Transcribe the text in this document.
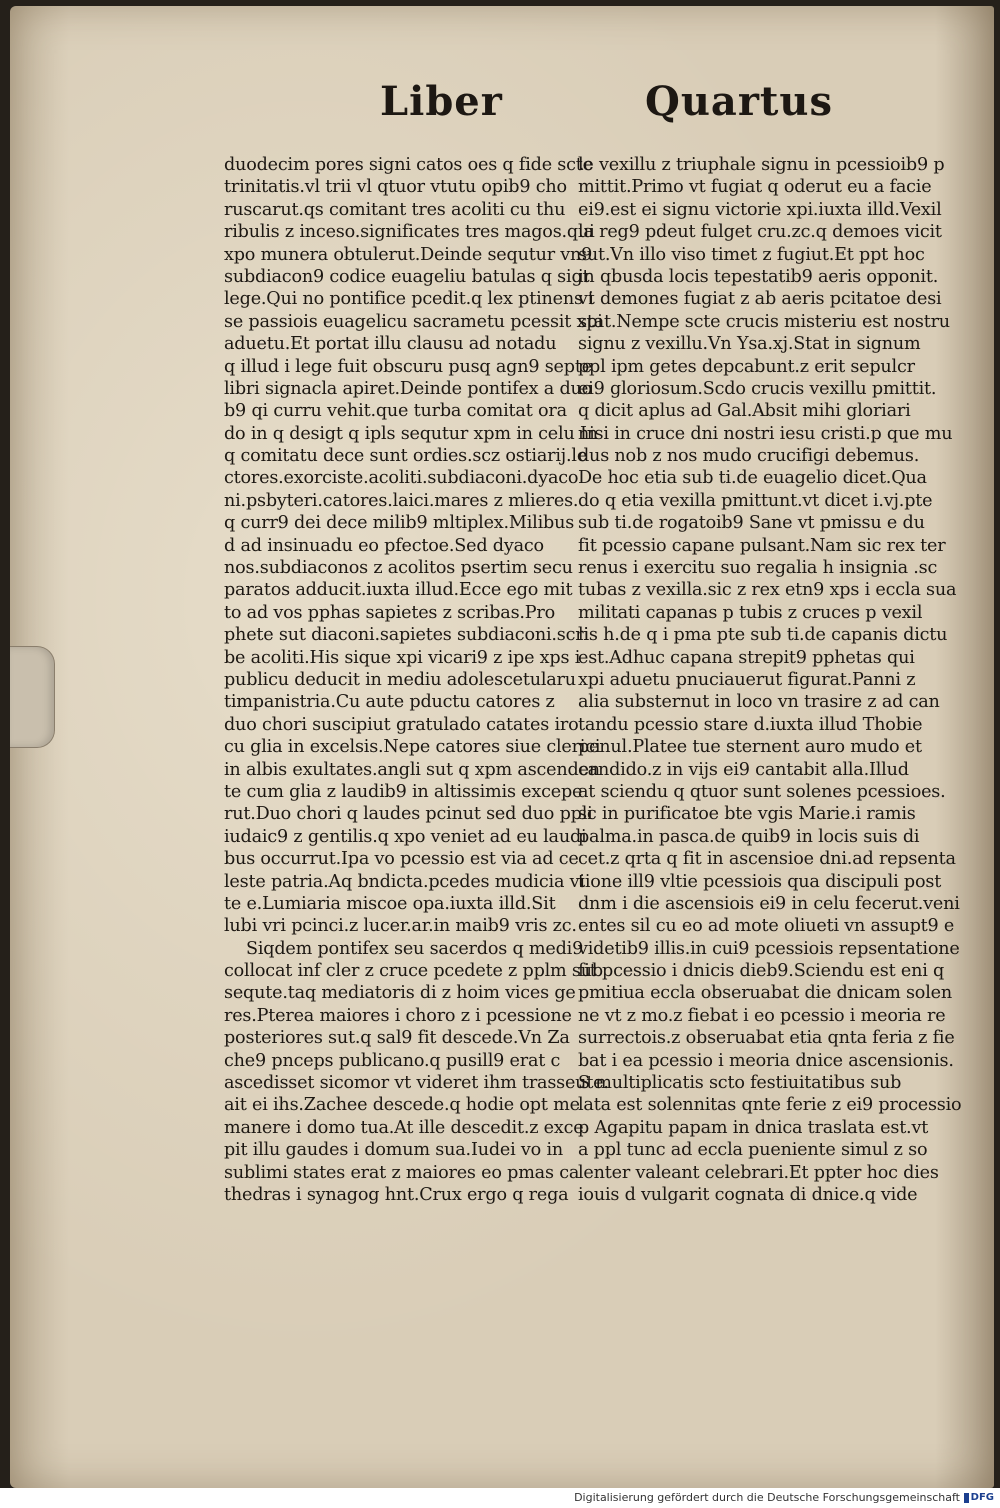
Liber	Quartus
duodecim pores signi catos oes q fide scte
trinitatis.vl trii vl qtuor vtutu opib9 cho
ruscarut.qs comitant tres acoliti cu thu
ribulis z inceso.significates tres magos.qui
xpo munera obtulerut.Deinde sequtur vn9
subdiacon9 codice euageliu batulas q sigt
lege.Qui no pontifice pcedit.q lex ptinens i
se passiois euagelicu sacrametu pcessit xpi
aduetu.Et portat illu clausu ad notadu
q illud i lege fuit obscuru pusq agn9 septe
libri signacla apiret.Deinde pontifex a duo
b9 qi curru vehit.que turba comitat ora
do in q desigt q ipls sequtur xpm in celu In
q comitatu dece sunt ordies.scz ostiarij.le
ctores.exorciste.acoliti.subdiaconi.dyaco
ni.psbyteri.catores.laici.mares z mlieres.
q curr9 dei dece milib9 mltiplex.Milibus
d ad insinuadu eo pfectoe.Sed dyaco
nos.subdiaconos z acolitos psertim secu
paratos adducit.iuxta illud.Ecce ego mit
to ad vos pphas sapietes z scribas.Pro
phete sut diaconi.sapietes subdiaconi.scri
be acoliti.His sique xpi vicari9 z ipe xps i
publicu deducit in mediu adolescetularu
timpanistria.Cu aute pductu catores z
duo chori suscipiut gratulado catates iro
cu glia in excelsis.Nepe catores siue clerici
in albis exultates.angli sut q xpm ascenden
te cum glia z laudib9 in altissimis excepe
rut.Duo chori q laudes pcinut sed duo ppli
iudaic9 z gentilis.q xpo veniet ad eu laudi
bus occurrut.Ipa vo pcessio est via ad ce
leste patria.Aq bndicta.pcedes mudicia vi
te e.Lumiaria miscoe opa.iuxta illd.Sit
lubi vri pcinci.z lucer.ar.in maib9 vris zc.
Siqdem pontifex seu sacerdos q medi9
collocat inf cler z cruce pcedete z pplm sub
sequte.taq mediatoris di z hoim vices ge
res.Pterea maiores i choro z i pcessione
posteriores sut.q sal9 fit descede.Vn Za
che9 pnceps publicano.q pusill9 erat c
ascedisset sicomor vt videret ihm trasseute.
ait ei ihs.Zachee descede.q hodie opt me
manere i domo tua.At ille descedit.z exce
pit illu gaudes i domum sua.Iudei vo in
sublimi states erat z maiores eo pmas ca
thedras i synagog hnt.Crux ergo q rega
le vexillu z triuphale signu in pcessioib9 p
mittit.Primo vt fugiat q oderut eu a facie
ei9.est ei signu victorie xpi.iuxta illd.Vexil
la reg9 pdeut fulget cru.zc.q demoes vicit
sut.Vn illo viso timet z fugiut.Et ppt hoc
in qbusda locis tepestatib9 aeris opponit.
vt demones fugiat z ab aeris pcitatoe desi
stat.Nempe scte crucis misteriu est nostru
signu z vexillu.Vn Ysa.xj.Stat in signum
ppl ipm getes depcabunt.z erit sepulcr
ei9 gloriosum.Scdo crucis vexillu pmittit.
q dicit aplus ad Gal.Absit mihi gloriari
nisi in cruce dni nostri iesu cristi.p que mu
dus nob z nos mudo crucifigi debemus.
De hoc etia sub ti.de euagelio dicet.Qua
do q etia vexilla pmittunt.vt dicet i.vj.pte
sub ti.de rogatoib9 Sane vt pmissu e du
fit pcessio capane pulsant.Nam sic rex ter
renus i exercitu suo regalia h insignia .sc
tubas z vexilla.sic z rex etn9 xps i eccla sua
militati capanas p tubis z cruces p vexil
lis h.de q i pma pte sub ti.de capanis dictu
est.Adhuc capana strepit9 pphetas qui
xpi aduetu pnuciauerut figurat.Panni z
alia substernut in loco vn trasire z ad can
tandu pcessio stare d.iuxta illud Thobie
penul.Platee tue sternent auro mudo et
candido.z in vijs ei9 cantabit alla.Illud
at sciendu q qtuor sunt solenes pcessioes.
sc in purificatoe bte vgis Marie.i ramis
palma.in pasca.de quib9 in locis suis di
cet.z qrta q fit in ascensioe dni.ad repsenta
tione ill9 vltie pcessiois qua discipuli post
dnm i die ascensiois ei9 in celu fecerut.veni
entes sil cu eo ad mote oliueti vn assupt9 e
videtib9 illis.in cui9 pcessiois repsentatione
fit pcessio i dnicis dieb9.Sciendu est eni q
pmitiua eccla obseruabat die dnicam solen
ne vt z mo.z fiebat i eo pcessio i meoria re
surrectois.z obseruabat etia qnta feria z fie
bat i ea pcessio i meoria dnice ascensionis.
S multiplicatis scto festiuitatibus sub
lata est solennitas qnte ferie z ei9 processio
p Agapitu papam in dnica traslata est.vt
a ppl tunc ad eccla pueniente simul z so
lenter valeant celebrari.Et ppter hoc dies
iouis d vulgarit cognata di dnice.q vide
Digitalisierung gefördert durch die Deutsche Forschungsgemeinschaft DFG
